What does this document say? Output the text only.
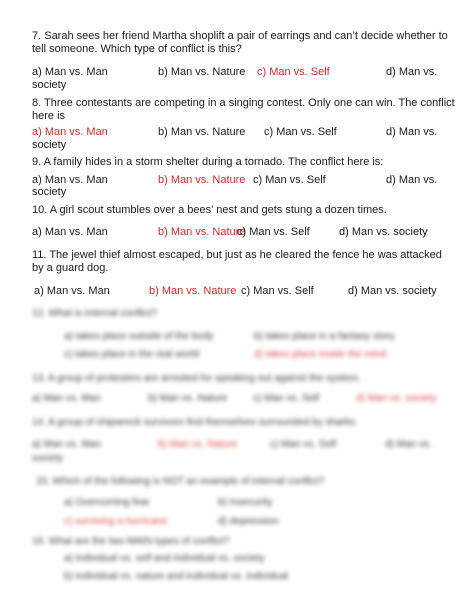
7. Sarah sees her friend Martha shoplift a pair of earrings and can’t decide whether to
tell someone. Which type of conflict is this?
a) Man vs. Man	b) Man vs. Nature c) Man vs. Self	d) Man vs.
society
8. Three contestants are competing in a singing contest. Only one can win. The conflict
here is
a) Man vs. Man	b) Man vs. Nature c) Man vs. Self	d) Man vs.
society
9. A family hides in a storm shelter during a tornado. The conflict here is:
a) Man vs. Man	b) Man vs. Nature c) Man vs. Self	d) Man vs.
society
10. A girl scout stumbles over a bees’ nest and gets stung a dozen times.
a) Man vs. Man	b) Man vs. Nature
c) Man vs. Self	d) Man vs. society
11. The jewel thief almost escaped, but just as he cleared the fence he was attacked
by a guard dog.
a) Man vs. Man	b) Man vs. Nature c) Man vs. Self	d) Man vs. society
12. What is internal conflict?
a) takes place outside of the body	b) takes place in a fantasy story
c) takes place in the real world	d) takes place inside the mind
13. A group of protesters are arrested for speaking out against the system.
a) Man vs. Man	b) Man vs. Nature	c) Man vs. Self	d) Man vs. society
14. A group of shipwreck survivors find themselves surrounded by sharks.
a) Man vs. Man	b) Man vs. Nature	c) Man vs. Self	d) Man vs.
society
15. Which of the following is NOT an example of internal conflict?
a) Overcoming fear	b) Insecurity
c) surviving a hurricane	d) depression
16. What are the two MAIN types of conflict?
a) individual vs. self and individual vs. society
b) individual vs. nature and individual vs. individual
